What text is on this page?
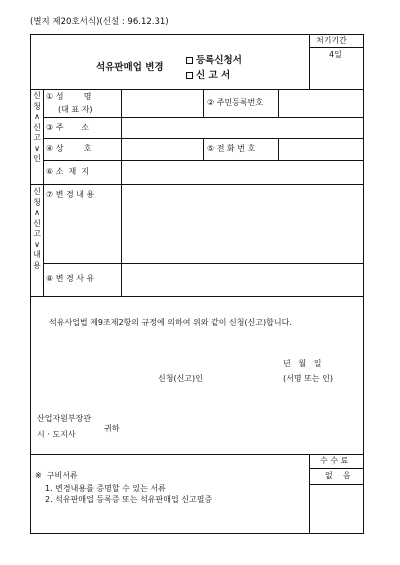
(별지 제20호서식)(신설 : 96.12.31)
석유판매업 변경
등록신청서
신 고 서
처기기간
4일
신
청
∧
신
고
∨
인
신
청
∧
신
고
∨
내
용
① 성        명
(대 표 자)
② 주민등록번호
③ 주       소
④ 상        호	⑤ 전 화 번 호
⑥ 소  재  지
⑦ 변 경 내 용
⑧ 변 경 사 유
석유사업법 제9조제2항의 규정에 의하여 위와 같이 신청(신고)합니다.
년   월   일
신청(신고)인	(서명 또는 인)
산업자원부장관
시 · 도지사
귀하
※  구비서류
1. 변경내용를 증명할 수 있는 서류
2. 석유판매업 등록증 또는 석유판매업 신고필증
수 수 료
없    음
